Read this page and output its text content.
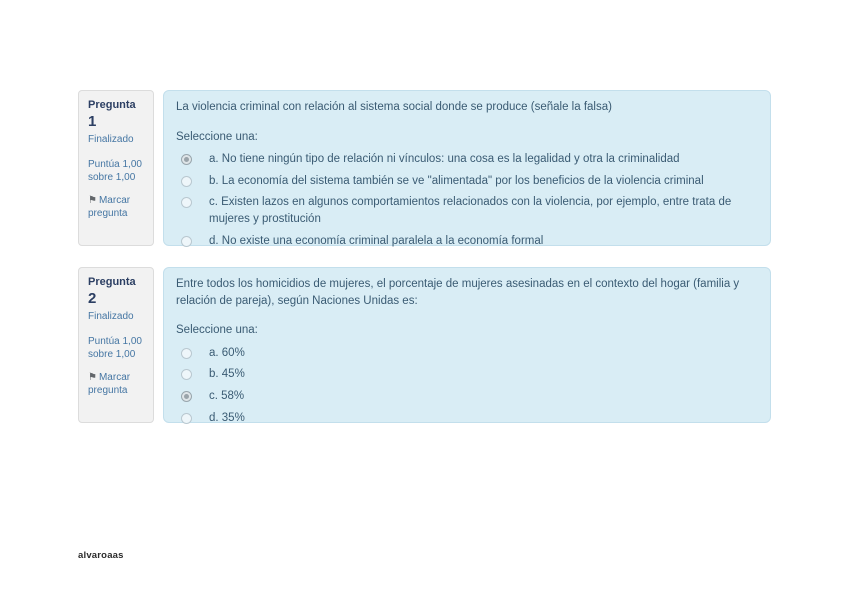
Pregunta 1
Finalizado
Puntúa 1,00
sobre 1,00
⚑ Marcar pregunta
La violencia criminal con relación al sistema social donde se produce (señale la falsa)
Seleccione una:
a. No tiene ningún tipo de relación ni vínculos: una cosa es la legalidad y otra la criminalidad
b. La economía del sistema también se ve "alimentada" por los beneficios de la violencia criminal
c. Existen lazos en algunos comportamientos relacionados con la violencia, por ejemplo, entre trata de mujeres y prostitución
d. No existe una economía criminal paralela a la economía formal
Pregunta 2
Finalizado
Puntúa 1,00
sobre 1,00
⚑ Marcar pregunta
Entre todos los homicidios de mujeres, el porcentaje de mujeres asesinadas en el contexto del hogar (familia y relación de pareja), según Naciones Unidas es:
Seleccione una:
a. 60%
b. 45%
c. 58%
d. 35%
alvaroaas
